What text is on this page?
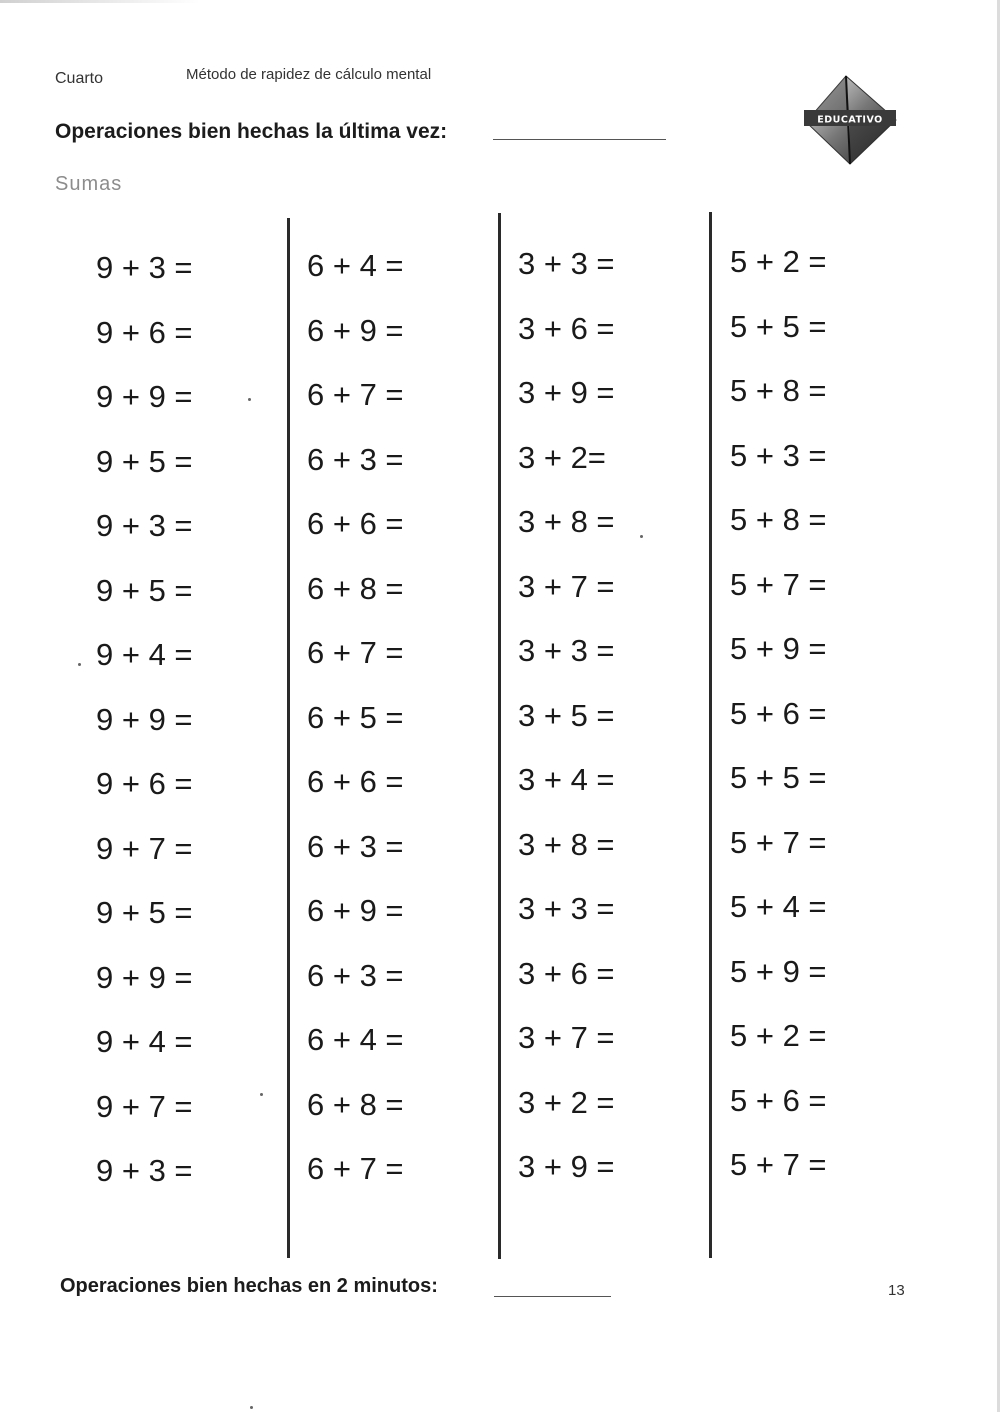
Cuarto	Método de rapidez de cálculo mental
Operaciones bien hechas la última vez:
Sumas
EDUCATIVO
9 + 3 =
9 + 6 =
9 + 9 =
9 + 5 =
9 + 3 =
9 + 5 =
9 + 4 =
9 + 9 =
9 + 6 =
9 + 7 =
9 + 5 =
9 + 9 =
9 + 4 =
9 + 7 =
9 + 3 =
6 + 4 =
6 + 9 =
6 + 7 =
6 + 3 =
6 + 6 =
6 + 8 =
6 + 7 =
6 + 5 =
6 + 6 =
6 + 3 =
6 + 9 =
6 + 3 =
6 + 4 =
6 + 8 =
6 + 7 =
3 + 3 =
3 + 6 =
3 + 9 =
3 + 2=
3 + 8 =
3 + 7 =
3 + 3 =
3 + 5 =
3 + 4 =
3 + 8 =
3 + 3 =
3 + 6 =
3 + 7 =
3 + 2 =
3 + 9 =
5 + 2 =
5 + 5 =
5 + 8 =
5 + 3 =
5 + 8 =
5 + 7 =
5 + 9 =
5 + 6 =
5 + 5 =
5 + 7 =
5 + 4 =
5 + 9 =
5 + 2 =
5 + 6 =
5 + 7 =
Operaciones bien hechas en 2 minutos:	13
